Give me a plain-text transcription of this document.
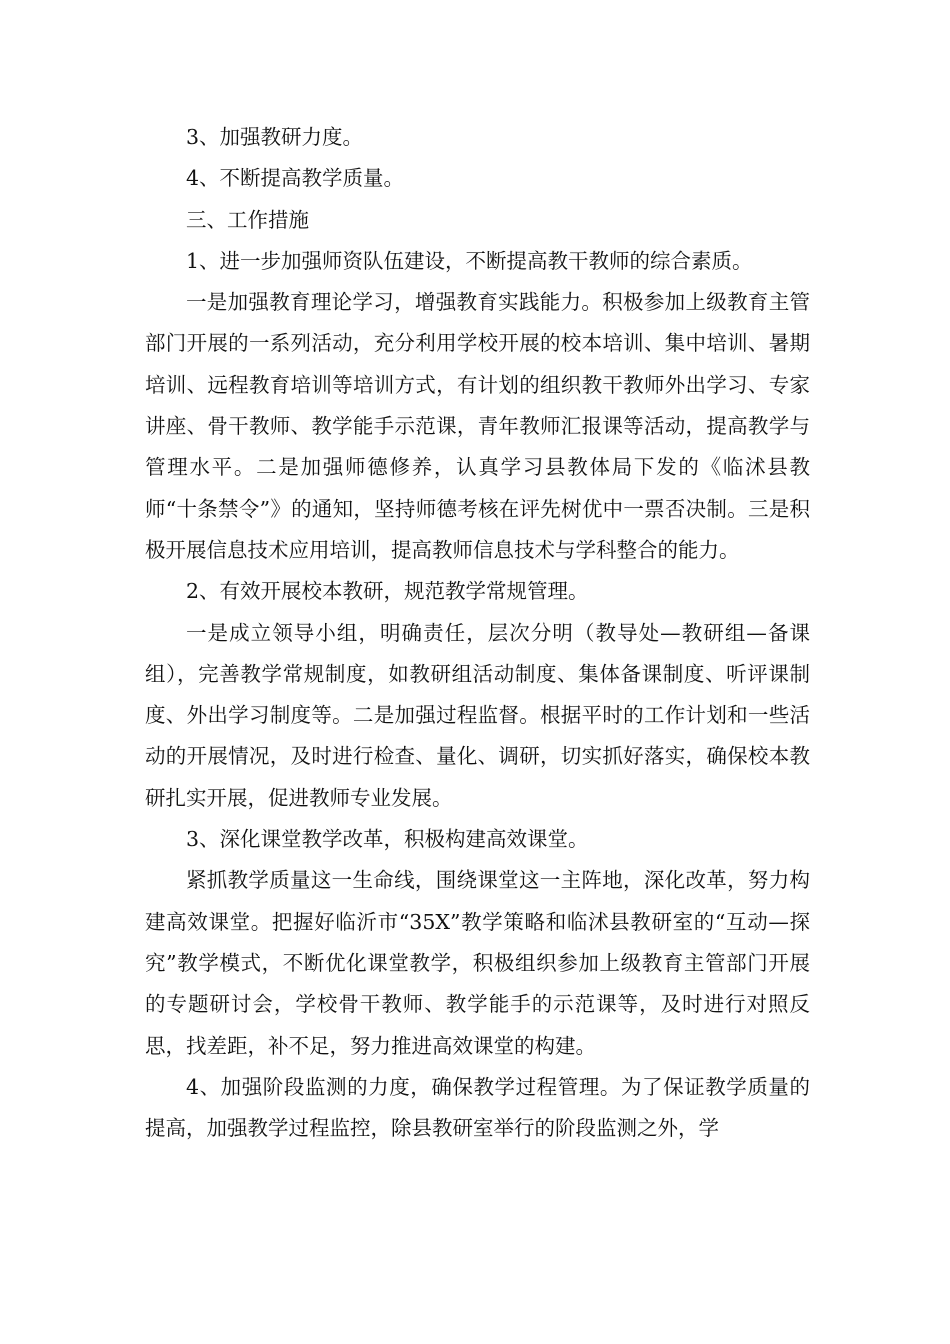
3、加强教研力度。

4、不断提高教学质量。

三、工作措施

1、进一步加强师资队伍建设，不断提高教干教师的综合素质。

一是加强教育理论学习，增强教育实践能力。积极参加上级教育主管部门开展的一系列活动，充分利用学校开展的校本培训、集中培训、暑期培训、远程教育培训等培训方式，有计划的组织教干教师外出学习、专家讲座、骨干教师、教学能手示范课，青年教师汇报课等活动，提高教学与管理水平。二是加强师德修养，认真学习县教体局下发的《临沭县教师“十条禁令”》的通知，坚持师德考核在评先树优中一票否决制。三是积极开展信息技术应用培训，提高教师信息技术与学科整合的能力。

2、有效开展校本教研，规范教学常规管理。

一是成立领导小组，明确责任，层次分明（教导处—教研组—备课组），完善教学常规制度，如教研组活动制度、集体备课制度、听评课制度、外出学习制度等。二是加强过程监督。根据平时的工作计划和一些活动的开展情况，及时进行检查、量化、调研，切实抓好落实，确保校本教研扎实开展，促进教师专业发展。

3、深化课堂教学改革，积极构建高效课堂。

紧抓教学质量这一生命线，围绕课堂这一主阵地，深化改革，努力构建高效课堂。把握好临沂市“35X”教学策略和临沭县教研室的“互动—探究”教学模式，不断优化课堂教学，积极组织参加上级教育主管部门开展的专题研讨会，学校骨干教师、教学能手的示范课等，及时进行对照反思，找差距，补不足，努力推进高效课堂的构建。

4、加强阶段监测的力度，确保教学过程管理。为了保证教学质量的提高，加强教学过程监控，除县教研室举行的阶段监测之外，学
